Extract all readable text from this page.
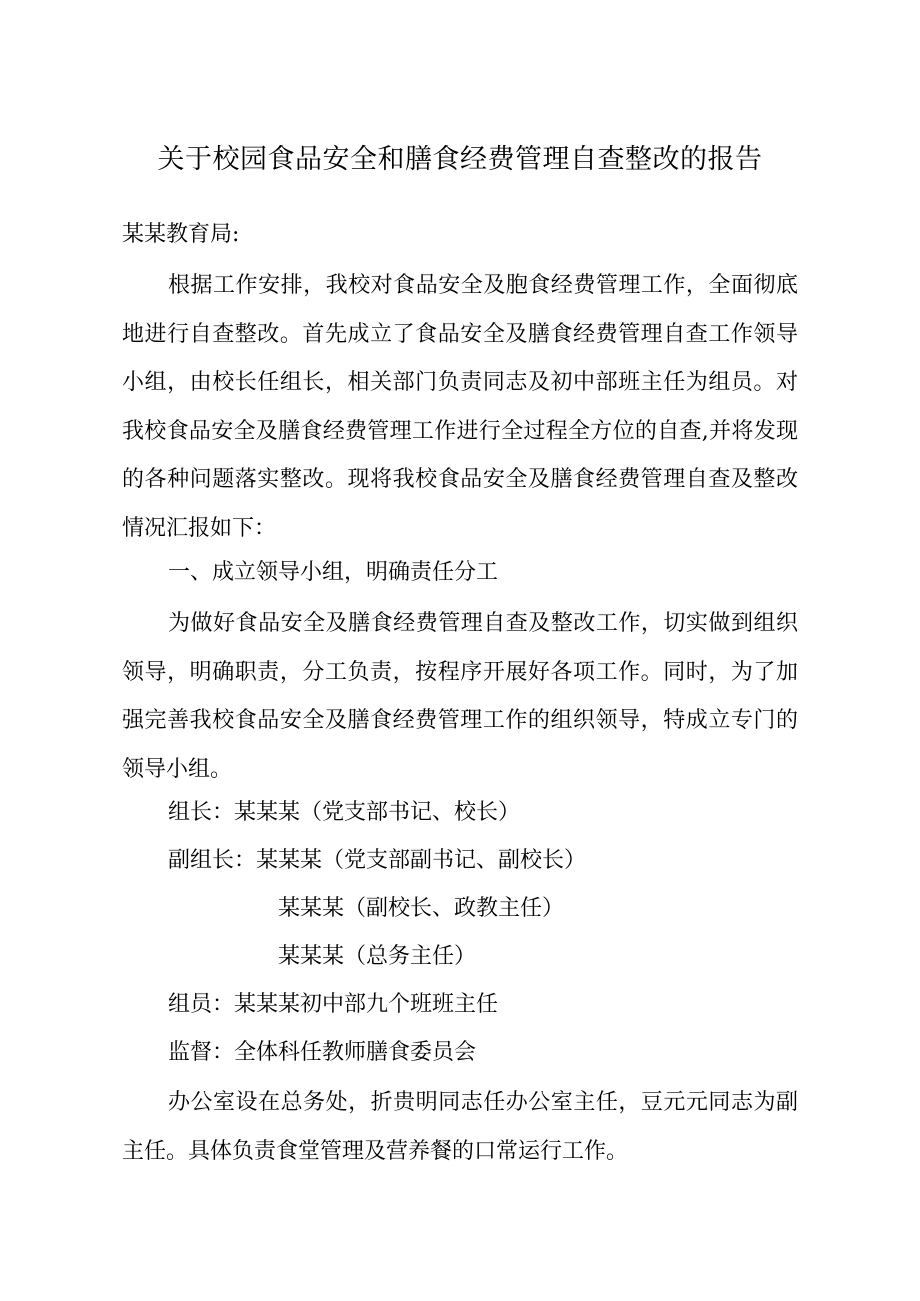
关于校园食品安全和膳食经费管理自查整改的报告

某某教育局:

根据工作安排，我校对食品安全及胞食经费管理工作，全面彻底地进行自查整改。首先成立了食品安全及膳食经费管理自查工作领导小组，由校长任组长，相关部门负责同志及初中部班主任为组员。对我校食品安全及膳食经费管理工作进行全过程全方位的自查,并将发现的各种问题落实整改。现将我校食品安全及膳食经费管理自查及整改情况汇报如下：

一、成立领导小组，明确责任分工

为做好食品安全及膳食经费管理自查及整改工作，切实做到组织领导，明确职责，分工负责，按程序开展好各项工作。同时，为了加强完善我校食品安全及膳食经费管理工作的组织领导，特成立专门的领导小组。

组长：某某某（党支部书记、校长）

副组长：某某某（党支部副书记、副校长）

某某某（副校长、政教主任）

某某某（总务主任）

组员：某某某初中部九个班班主任

监督：全体科任教师膳食委员会

办公室设在总务处，折贵明同志任办公室主任，豆元元同志为副主任。具体负责食堂管理及营养餐的口常运行工作。
